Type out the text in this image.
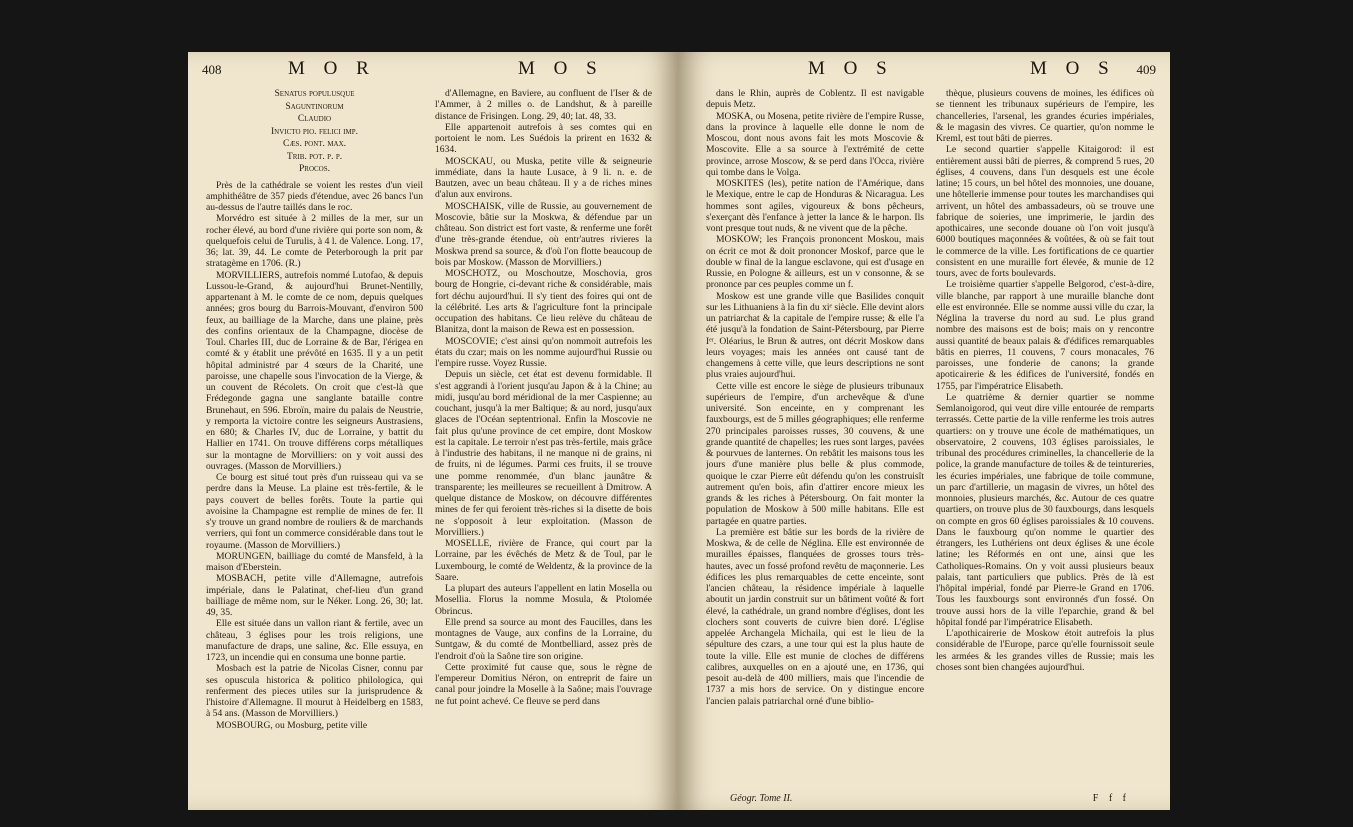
408	M O R	M O S
Senatus populusque
Saguntinorum
Claudio
Invicto pio. felici imp.
Cæs. pont. max.
Trib. pot. p. p.
Procos.

Près de la cathédrale se voient les restes d'un vieil amphithéâtre de 357 pieds d'étendue, avec 26 bancs l'un au-dessus de l'autre taillés dans le roc.

Morvédro est située à 2 milles de la mer, sur un rocher élevé, au bord d'une rivière qui porte son nom, & quelquefois celui de Turulis, à 4 l. de Valence. Long. 17, 36; lat. 39, 44. Le comte de Peterborough la prit par stratagème en 1706. (R.)

MORVILLIERS, autrefois nommé Lutofao, & depuis Lussou-le-Grand, & aujourd'hui Brunet-Nentilly, appartenant à M. le comte de ce nom, depuis quelques années; gros bourg du Barrois-Mouvant, d'environ 500 feux, au bailliage de la Marche, dans une plaine, près des confins orientaux de la Champagne, diocèse de Toul. Charles III, duc de Lorraine & de Bar, l'érigea en comté & y établit une prévôté en 1635. Il y a un petit hôpital administré par 4 sœurs de la Charité, une paroisse, une chapelle sous l'invocation de la Vierge, & un couvent de Récolets. On croit que c'est-là que Frédegonde gagna une sanglante bataille contre Brunehaut, en 596. Ebroïn, maire du palais de Neustrie, y remporta la victoire contre les seigneurs Austrasiens, en 680; & Charles IV, duc de Lorraine, y battit du Hallier en 1741. On trouve différens corps métalliques sur la montagne de Morvilliers: on y voit aussi des ouvrages. (Masson de Morvilliers.)

Ce bourg est situé tout près d'un ruisseau qui va se perdre dans la Meuse. La plaine est très-fertile, & le pays couvert de belles forêts. Toute la partie qui avoisine la Champagne est remplie de mines de fer. Il s'y trouve un grand nombre de rouliers & de marchands verriers, qui font un commerce considérable dans tout le royaume. (Masson de Morvilliers.)

MORUNGEN, bailliage du comté de Mansfeld, à la maison d'Eberstein.

MOSBACH, petite ville d'Allemagne, autrefois impériale, dans le Palatinat, chef-lieu d'un grand bailliage de même nom, sur le Néker. Long. 26, 30; lat. 49, 35.

Elle est située dans un vallon riant & fertile, avec un château, 3 églises pour les trois religions, une manufacture de draps, une saline, &c. Elle essuya, en 1723, un incendie qui en consuma une bonne partie.

Mosbach est la patrie de Nicolas Cisner, connu par ses opuscula historica & politico philologica, qui renferment des pieces utiles sur la jurisprudence & l'histoire d'Allemagne. Il mourut à Heidelberg en 1583, à 54 ans. (Masson de Morvilliers.)

MOSBOURG, ou Mosburg, petite ville

d'Allemagne, en Baviere, au confluent de l'Iser & de l'Ammer, à 2 milles o. de Landshut, & à pareille distance de Frisingen. Long. 29, 40; lat. 48, 33.

Elle appartenoit autrefois à ses comtes qui en portoient le nom. Les Suédois la prirent en 1632 & 1634.

MOSCKAU, ou Muska, petite ville & seigneurie immédiate, dans la haute Lusace, à 9 li. n. e. de Bautzen, avec un beau château. Il y a de riches mines d'alun aux environs.

MOSCHAISK, ville de Russie, au gouvernement de Moscovie, bâtie sur la Moskwa, & défendue par un château. Son district est fort vaste, & renferme une forêt d'une très-grande étendue, où entr'autres rivieres la Moskwa prend sa source, & d'où l'on flotte beaucoup de bois par Moskow. (Masson de Morvilliers.)

MOSCHOTZ, ou Moschoutze, Moschovia, gros bourg de Hongrie, ci-devant riche & considérable, mais fort déchu aujourd'hui. Il s'y tient des foires qui ont de la célébrité. Les arts & l'agriculture font la principale occupation des habitans. Ce lieu relève du château de Blanitza, dont la maison de Rewa est en possession.

MOSCOVIE; c'est ainsi qu'on nommoit autrefois les états du czar; mais on les nomme aujourd'hui Russie ou l'empire russe. Voyez Russie.

Depuis un siècle, cet état est devenu formidable. Il s'est aggrandi à l'orient jusqu'au Japon & à la Chine; au midi, jusqu'au bord méridional de la mer Caspienne; au couchant, jusqu'à la mer Baltique; & au nord, jusqu'aux glaces de l'Océan septentrional. Enfin la Moscovie ne fait plus qu'une province de cet empire, dont Moskow est la capitale. Le terroir n'est pas très-fertile, mais grâce à l'industrie des habitans, il ne manque ni de grains, ni de fruits, ni de légumes. Parmi ces fruits, il se trouve une pomme renommée, d'un blanc jaunâtre & transparente; les meilleures se recueillent à Dmitrow. A quelque distance de Moskow, on découvre différentes mines de fer qui feroient très-riches si la disette de bois ne s'opposoit à leur exploitation. (Masson de Morvilliers.)

MOSELLE, rivière de France, qui court par la Lorraine, par les évêchés de Metz & de Toul, par le Luxembourg, le comté de Weldentz, & la province de la Saare.

La plupart des auteurs l'appellent en latin Mosella ou Mosellia. Florus la nomme Mosula, & Ptolomée Obrincus.

Elle prend sa source au mont des Faucilles, dans les montagnes de Vauge, aux confins de la Lorraine, du Suntgaw, & du comté de Montbelliard, assez près de l'endroit d'où la Saône tire son origine.

Cette proximité fut cause que, sous le règne de l'empereur Domitius Néron, on entreprit de faire un canal pour joindre la Moselle à la Saône; mais l'ouvrage ne fut point achevé. Ce fleuve se perd dans

M O S	M O S 409

dans le Rhin, auprès de Coblentz. Il est navigable depuis Metz.

MOSKA, ou Mosena, petite rivière de l'empire Russe, dans la province à laquelle elle donne le nom de Moscou, dont nous avons fait les mots Moscovie & Moscovite. Elle a sa source à l'extrémité de cette province, arrose Moscow, & se perd dans l'Occa, rivière qui tombe dans le Volga.

MOSKITES (les), petite nation de l'Amérique, dans le Mexique, entre le cap de Honduras & Nicaragua. Les hommes sont agiles, vigoureux & bons pêcheurs, s'exerçant dès l'enfance à jetter la lance & le harpon. Ils vont presque tout nuds, & ne vivent que de la pêche.

MOSKOW; les François prononcent Moskou, mais on écrit ce mot & doit prononcer Moskof, parce que le double w final de la langue esclavone, qui est d'usage en Russie, en Pologne & ailleurs, est un v consonne, & se prononce par ces peuples comme un f.

Moskow est une grande ville que Basilides conquit sur les Lithuaniens à la fin du xiᵉ siècle. Elle devint alors un patriarchat & la capitale de l'empire russe; & elle l'a été jusqu'à la fondation de Saint-Pétersbourg, par Pierre Iᵉʳ. Oléarius, le Brun & autres, ont décrit Moskow dans leurs voyages; mais les années ont causé tant de changemens à cette ville, que leurs descriptions ne sont plus vraies aujourd'hui.

Cette ville est encore le siège de plusieurs tribunaux supérieurs de l'empire, d'un archevêque & d'une université. Son enceinte, en y comprenant les fauxbourgs, est de 5 milles géographiques; elle renferme 270 principales paroisses russes, 30 couvens, & une grande quantité de chapelles; les rues sont larges, pavées & pourvues de lanternes. On rebâtit les maisons tous les jours d'une manière plus belle & plus commode, quoique le czar Pierre eût défendu qu'on les construisît autrement qu'en bois, afin d'attirer encore mieux les grands & les riches à Pétersbourg. On fait monter la population de Moskow à 500 mille habitans. Elle est partagée en quatre parties.

La première est bâtie sur les bords de la rivière de Moskwa, & de celle de Néglina. Elle est environnée de murailles épaisses, flanquées de grosses tours très-hautes, avec un fossé profond revêtu de maçonnerie. Les édifices les plus remarquables de cette enceinte, sont l'ancien château, la résidence impériale à laquelle aboutit un jardin construit sur un bâtiment voûté & fort élevé, la cathédrale, un grand nombre d'églises, dont les clochers sont couverts de cuivre bien doré. L'église appelée Archangela Michaila, qui est le lieu de la sépulture des czars, a une tour qui est la plus haute de toute la ville. Elle est munie de cloches de différens calibres, auxquelles on en a ajouté une, en 1736, qui pesoit au-delà de 400 milliers, mais que l'incendie de 1737 a mis hors de service. On y distingue encore l'ancien palais patriarchal orné d'une biblio-

thèque, plusieurs couvens de moines, les édifices où se tiennent les tribunaux supérieurs de l'empire, les chancelleries, l'arsenal, les grandes écuries impériales, & le magasin des vivres. Ce quartier, qu'on nomme le Kreml, est tout bâti de pierres.

Le second quartier s'appelle Kitaigorod: il est entièrement aussi bâti de pierres, & comprend 5 rues, 20 églises, 4 couvens, dans l'un desquels est une école latine; 15 cours, un bel hôtel des monnoies, une douane, une hôtellerie immense pour toutes les marchandises qui arrivent, un hôtel des ambassadeurs, où se trouve une fabrique de soieries, une imprimerie, le jardin des apothicaires, une seconde douane où l'on voit jusqu'à 6000 boutiques maçonnées & voûtées, & où se fait tout le commerce de la ville. Les fortifications de ce quartier consistent en une muraille fort élevée, & munie de 12 tours, avec de forts boulevards.

Le troisième quartier s'appelle Belgorod, c'est-à-dire, ville blanche, par rapport à une muraille blanche dont elle est environnée. Elle se nomme aussi ville du czar, la Néglina la traverse du nord au sud. Le plus grand nombre des maisons est de bois; mais on y rencontre aussi quantité de beaux palais & d'édifices remarquables bâtis en pierres, 11 couvens, 7 cours monacales, 76 paroisses, une fonderie de canons; la grande apoticairerie & les édifices de l'université, fondés en 1755, par l'impératrice Elisabeth.

Le quatrième & dernier quartier se nomme Semlanoigorod, qui veut dire ville entourée de remparts terrassés. Cette partie de la ville renferme les trois autres quartiers: on y trouve une école de mathématiques, un observatoire, 2 couvens, 103 églises paroissiales, le tribunal des procédures criminelles, la chancellerie de la police, la grande manufacture de toiles & de teintureries, les écuries impériales, une fabrique de toile commune, un parc d'artillerie, un magasin de vivres, un hôtel des monnoies, plusieurs marchés, &c. Autour de ces quatre quartiers, on trouve plus de 30 fauxbourgs, dans lesquels on compte en gros 60 églises paroissiales & 10 couvens. Dans le fauxbourg qu'on nomme le quartier des étrangers, les Luthériens ont deux églises & une école latine; les Réformés en ont une, ainsi que les Catholiques-Romains. On y voit aussi plusieurs beaux palais, tant particuliers que publics. Près de là est l'hôpital impérial, fondé par Pierre-le Grand en 1706. Tous les fauxbourgs sont environnés d'un fossé. On trouve aussi hors de la ville l'eparchie, grand & bel hôpital fondé par l'impératrice Elisabeth.

L'apothicairerie de Moskow étoit autrefois la plus considérable de l'Europe, parce qu'elle fournissoit seule les armées & les grandes villes de Russie; mais les choses sont bien changées aujourd'hui.

Géogr. Tome II.	F f f
